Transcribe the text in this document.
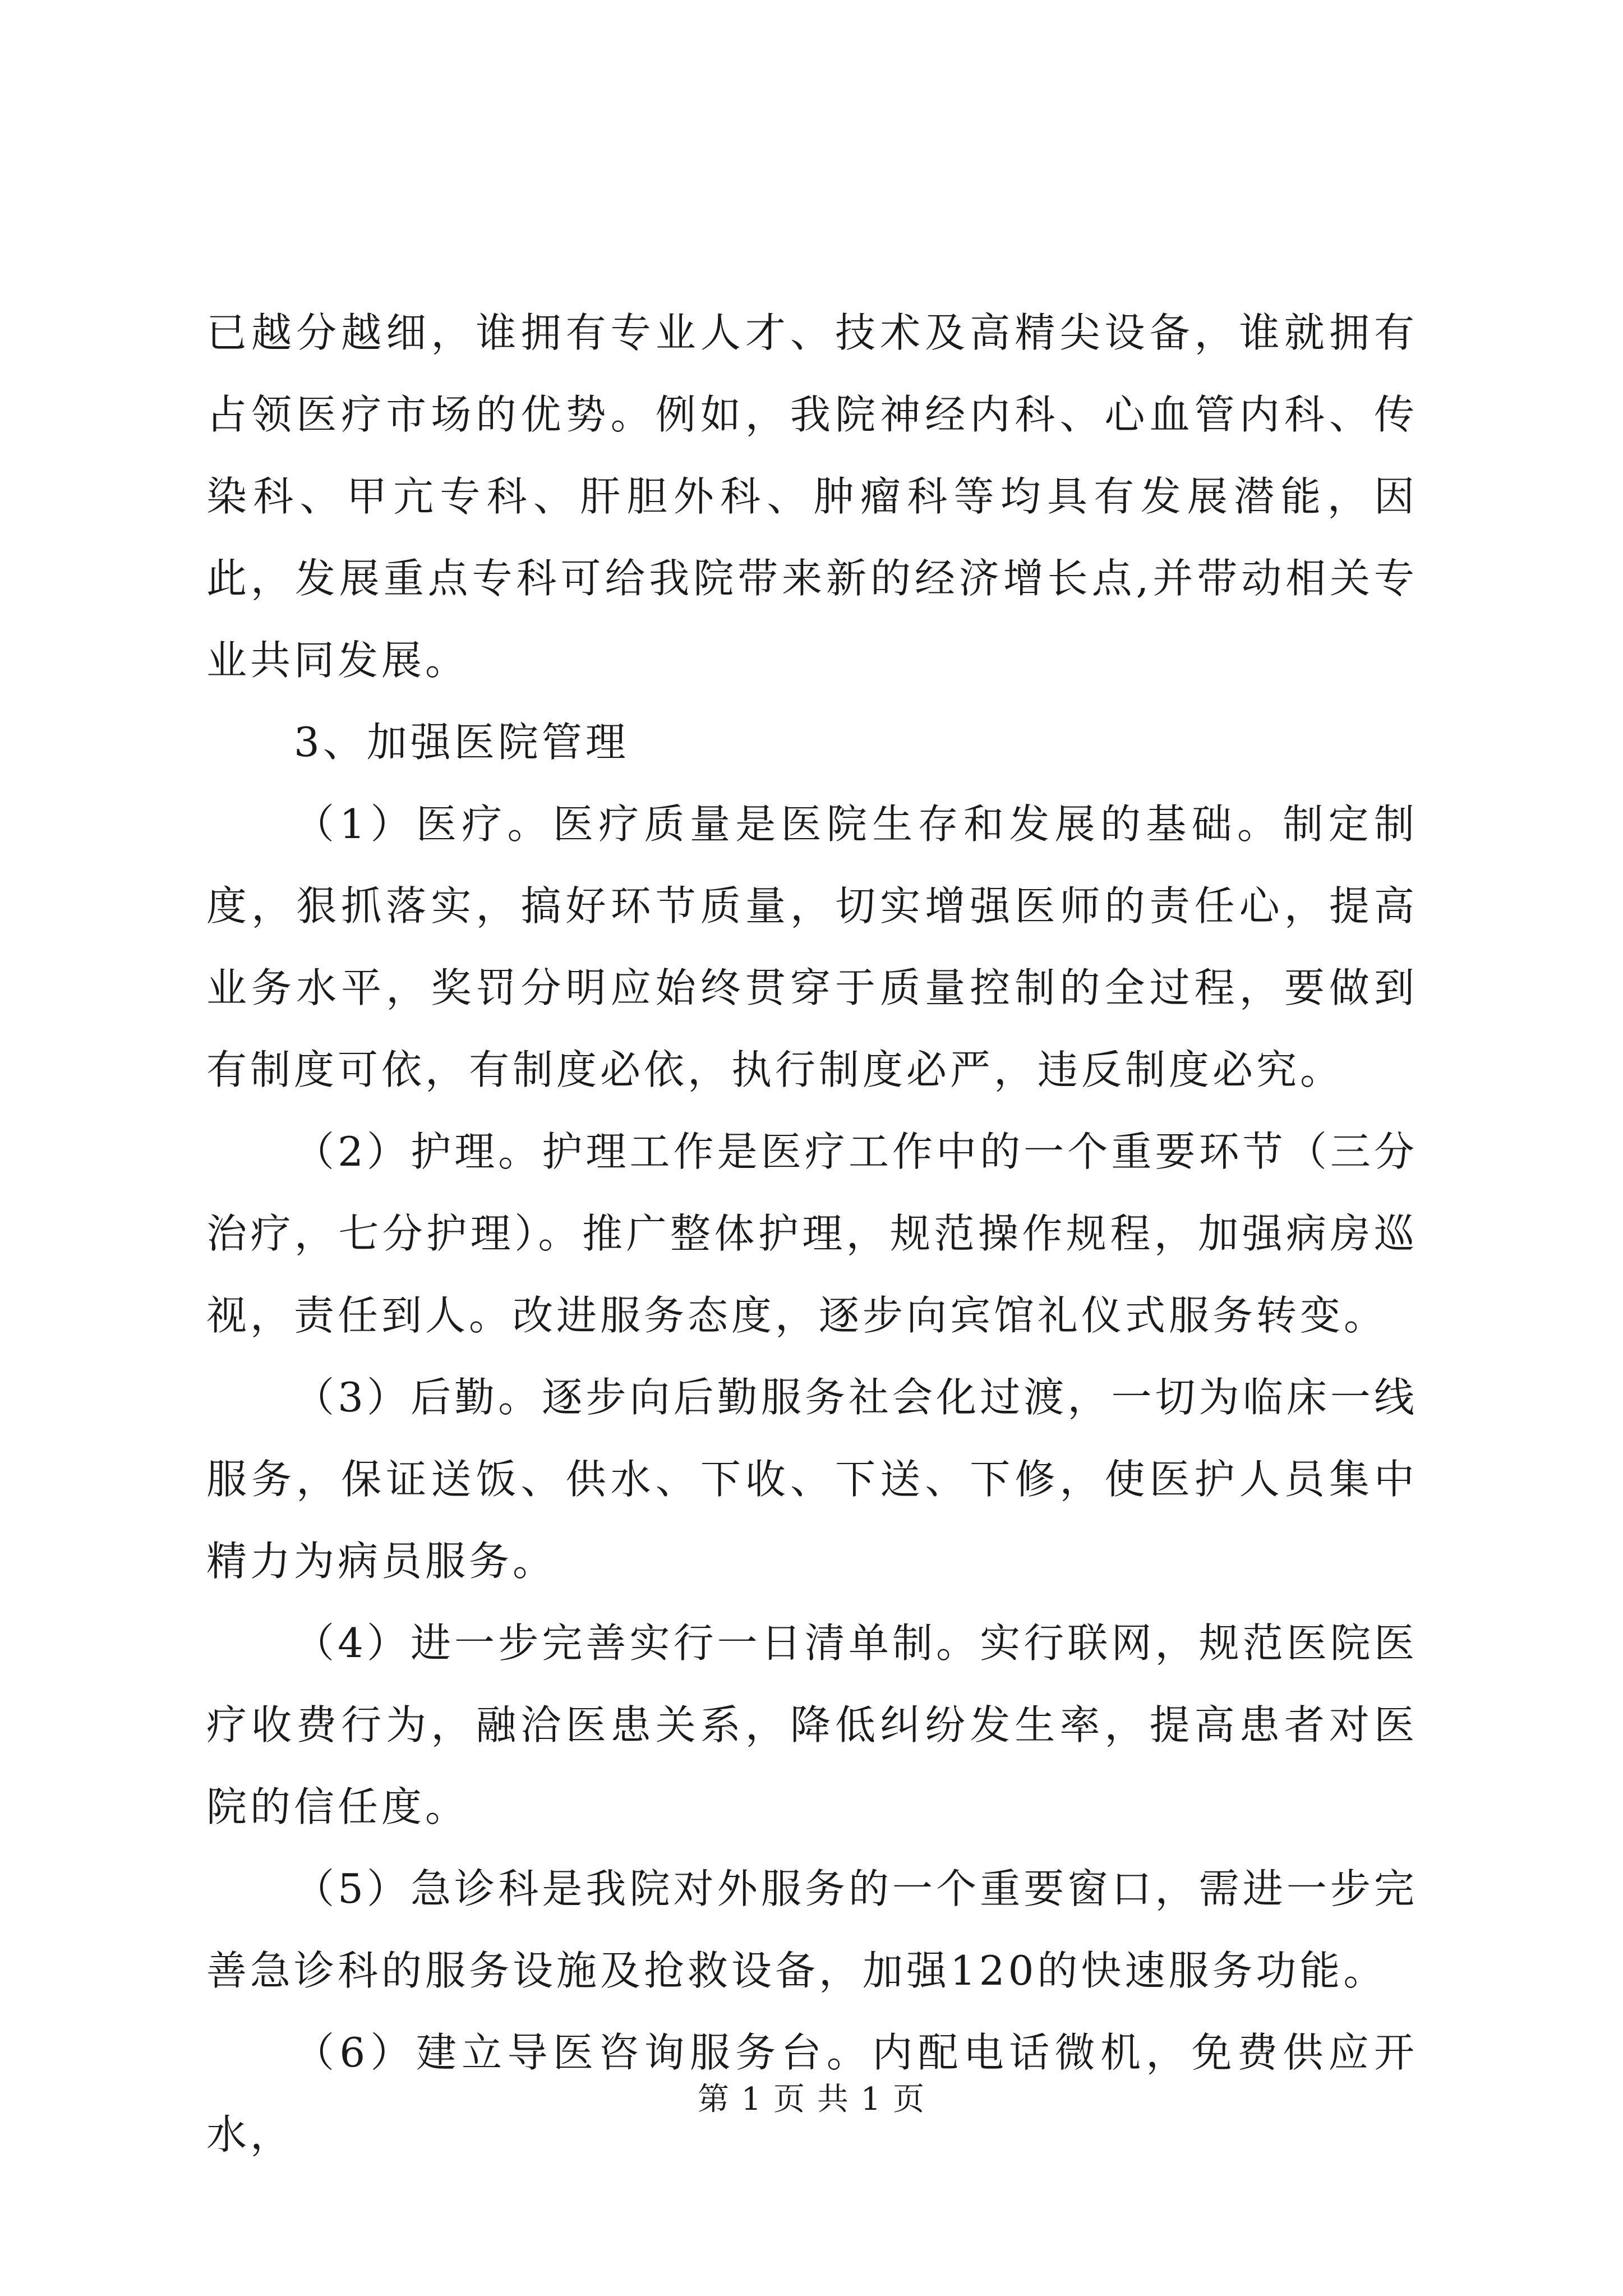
已越分越细，谁拥有专业人才、技术及高精尖设备，谁就拥有占领医疗市场的优势。例如，我院神经内科、心血管内科、传染科、甲亢专科、肝胆外科、肿瘤科等均具有发展潜能，因此，发展重点专科可给我院带来新的经济增长点,并带动相关专业共同发展。

3、加强医院管理

（1）医疗。医疗质量是医院生存和发展的基础。制定制度，狠抓落实，搞好环节质量，切实增强医师的责任心，提高业务水平，奖罚分明应始终贯穿于质量控制的全过程，要做到有制度可依，有制度必依，执行制度必严，违反制度必究。

（2）护理。护理工作是医疗工作中的一个重要环节（三分治疗，七分护理）。推广整体护理，规范操作规程，加强病房巡视，责任到人。改进服务态度，逐步向宾馆礼仪式服务转变。

（3）后勤。逐步向后勤服务社会化过渡，一切为临床一线服务，保证送饭、供水、下收、下送、下修，使医护人员集中精力为病员服务。

（4）进一步完善实行一日清单制。实行联网，规范医院医疗收费行为，融洽医患关系，降低纠纷发生率，提高患者对医院的信任度。

（5）急诊科是我院对外服务的一个重要窗口，需进一步完善急诊科的服务设施及抢救设备，加强120的快速服务功能。

（6）建立导医咨询服务台。内配电话微机，免费供应开水，

第 1 页 共 1 页
